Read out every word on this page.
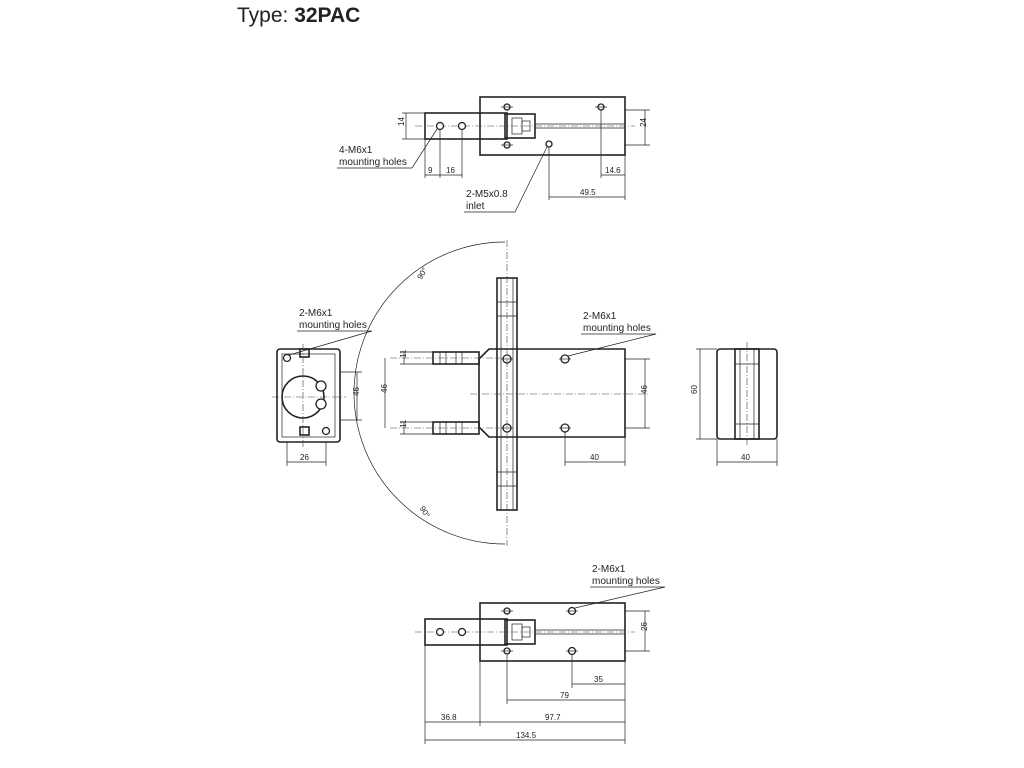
Type: 32PAC
14	24
9 16	14.6
49.5
4-M6x1
mounting holes
2-M5x0.8
inlet
46
26
2-M6x1
mounting holes
90°
90°
11
11
46	46
40
2-M6x1
mounting holes
60
40
26
35
79
36.8	97.7
134.5
2-M6x1
mounting holes
